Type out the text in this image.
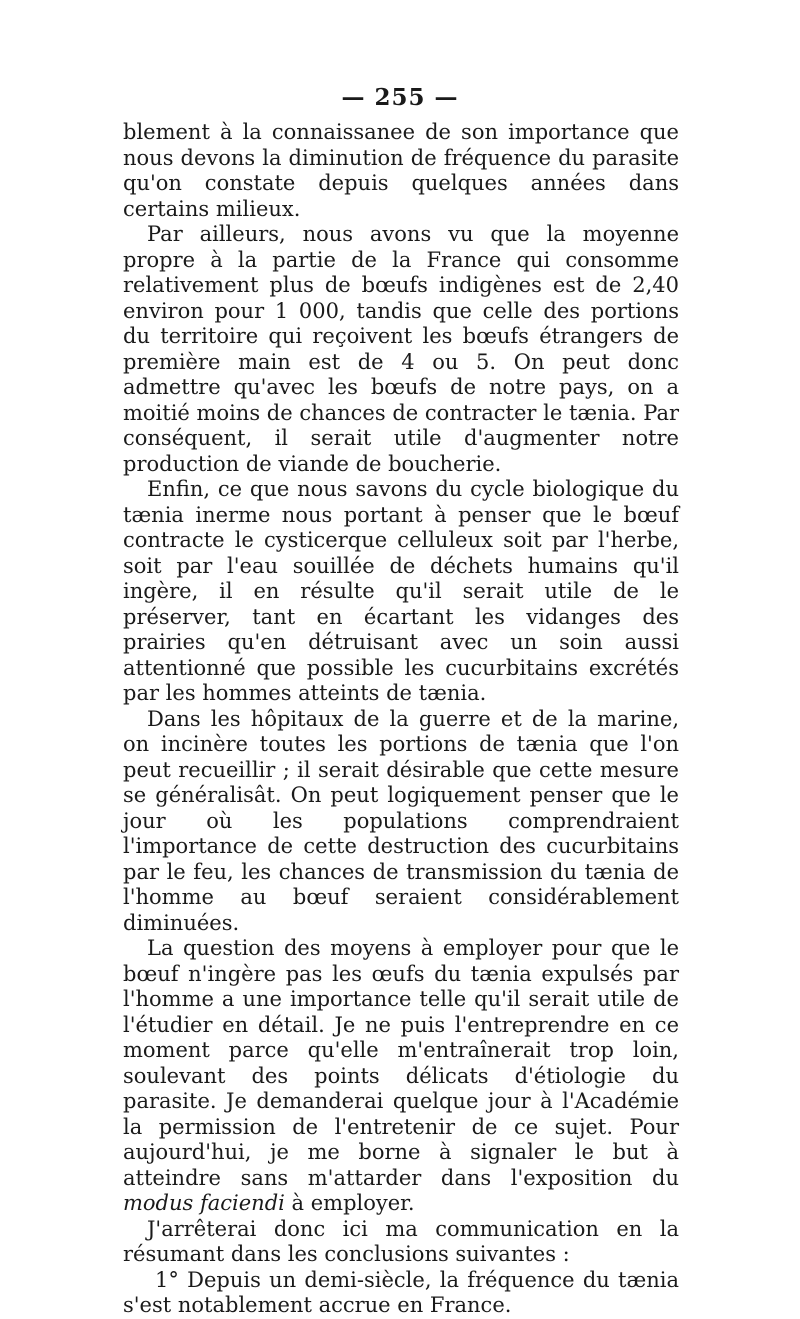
— 255 —

blement à la connaissanee de son importance que nous devons la diminution de fréquence du parasite qu'on constate depuis quelques années dans certains milieux.

Par ailleurs, nous avons vu que la moyenne propre à la partie de la France qui consomme relativement plus de bœufs indigènes est de 2,40 environ pour 1 000, tandis que celle des portions du territoire qui reçoivent les bœufs étrangers de première main est de 4 ou 5. On peut donc admettre qu'avec les bœufs de notre pays, on a moitié moins de chances de contracter le tænia. Par conséquent, il serait utile d'augmenter notre production de viande de boucherie.

Enfin, ce que nous savons du cycle biologique du tænia inerme nous portant à penser que le bœuf contracte le cysticerque celluleux soit par l'herbe, soit par l'eau souillée de déchets humains qu'il ingère, il en résulte qu'il serait utile de le préserver, tant en écartant les vidanges des prairies qu'en détruisant avec un soin aussi attentionné que possible les cucurbitains excrétés par les hommes atteints de tænia.

Dans les hôpitaux de la guerre et de la marine, on incinère toutes les portions de tænia que l'on peut recueillir ; il serait désirable que cette mesure se généralisât. On peut logiquement penser que le jour où les populations comprendraient l'importance de cette destruction des cucurbitains par le feu, les chances de transmission du tænia de l'homme au bœuf seraient considérablement diminuées.

La question des moyens à employer pour que le bœuf n'ingère pas les œufs du tænia expulsés par l'homme a une importance telle qu'il serait utile de l'étudier en détail. Je ne puis l'entreprendre en ce moment parce qu'elle m'entraînerait trop loin, soulevant des points délicats d'étiologie du parasite. Je demanderai quelque jour à l'Académie la permission de l'entretenir de ce sujet. Pour aujourd'hui, je me borne à signaler le but à atteindre sans m'attarder dans l'exposition du modus faciendi à employer.

J'arrêterai donc ici ma communication en la résumant dans les conclusions suivantes :

1° Depuis un demi-siècle, la fréquence du tænia s'est notablement accrue en France.
